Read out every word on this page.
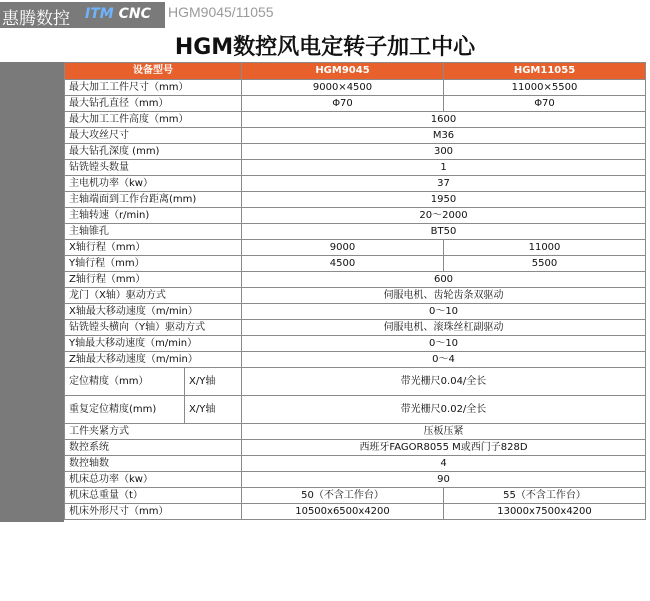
惠腾数控 ITM CNC HGM9045/11055
HGM数控风电定转子加工中心
设备型号		HGM9045	HGM11055
最大加工工件尺寸（mm）		9000×4500	11000×5500
最大钻孔直径（mm）		Φ70	Φ70
最大加工工件高度（mm）		1600	
最大攻丝尺寸		M36	
最大钻孔深度 (mm)		300	
钻铣镗头数量		1	
主电机功率（kw）		37	
主轴端面到工作台距离(mm)		1950	
主轴转速（r/min)		20～2000	
主轴锥孔		BT50	
X轴行程（mm）		9000	11000
Y轴行程（mm）		4500	5500
Z轴行程（mm）		600	
龙门（X轴）驱动方式		伺服电机、齿轮齿条双驱动	
X轴最大移动速度（m/min）		0～10	
钻铣镗头横向（Y轴）驱动方式		伺服电机、滚珠丝杠副驱动	
Y轴最大移动速度（m/min）		0～10	
Z轴最大移动速度（m/min）		0～4	
定位精度（mm）	X/Y轴	带光栅尺0.04/全长	
重复定位精度(mm)	X/Y轴	带光栅尺0.02/全长	
工件夹紧方式		压板压紧	
数控系统		西班牙FAGOR8055 M或西门子828D	
数控轴数		4	
机床总功率（kw）		90	
机床总重量（t）		50（不含工作台）	55（不含工作台）
机床外形尺寸（mm）		10500x6500x4200	13000x7500x4200
